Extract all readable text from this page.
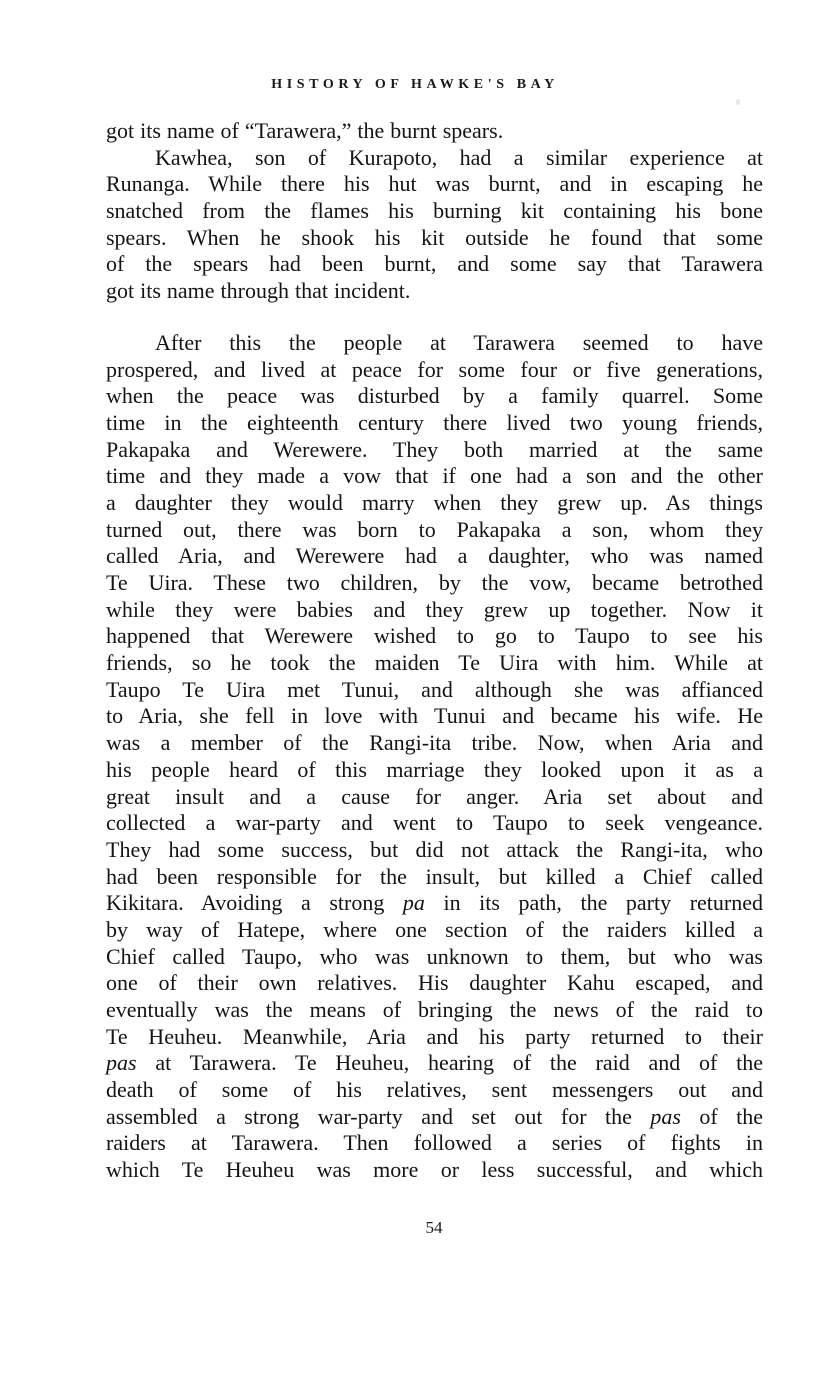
HISTORY OF HAWKE'S BAY
got its name of “Tarawera,” the burnt spears.
Kawhea, son of Kurapoto, had a similar experience at
Runanga. While there his hut was burnt, and in escaping he
snatched from the flames his burning kit containing his bone
spears. When he shook his kit outside he found that some
of the spears had been burnt, and some say that Tarawera
got its name through that incident.
After this the people at Tarawera seemed to have
prospered, and lived at peace for some four or five generations,
when the peace was disturbed by a family quarrel. Some
time in the eighteenth century there lived two young friends,
Pakapaka and Werewere. They both married at the same
time and they made a vow that if one had a son and the other
a daughter they would marry when they grew up. As things
turned out, there was born to Pakapaka a son, whom they
called Aria, and Werewere had a daughter, who was named
Te Uira. These two children, by the vow, became betrothed
while they were babies and they grew up together. Now it
happened that Werewere wished to go to Taupo to see his
friends, so he took the maiden Te Uira with him. While at
Taupo Te Uira met Tunui, and although she was affianced
to Aria, she fell in love with Tunui and became his wife. He
was a member of the Rangi-ita tribe. Now, when Aria and
his people heard of this marriage they looked upon it as a
great insult and a cause for anger. Aria set about and
collected a war-party and went to Taupo to seek vengeance.
They had some success, but did not attack the Rangi-ita, who
had been responsible for the insult, but killed a Chief called
Kikitara. Avoiding a strong pa in its path, the party returned
by way of Hatepe, where one section of the raiders killed a
Chief called Taupo, who was unknown to them, but who was
one of their own relatives. His daughter Kahu escaped, and
eventually was the means of bringing the news of the raid to
Te Heuheu. Meanwhile, Aria and his party returned to their
pas at Tarawera. Te Heuheu, hearing of the raid and of the
death of some of his relatives, sent messengers out and
assembled a strong war-party and set out for the pas of the
raiders at Tarawera. Then followed a series of fights in
which Te Heuheu was more or less successful, and which
54
